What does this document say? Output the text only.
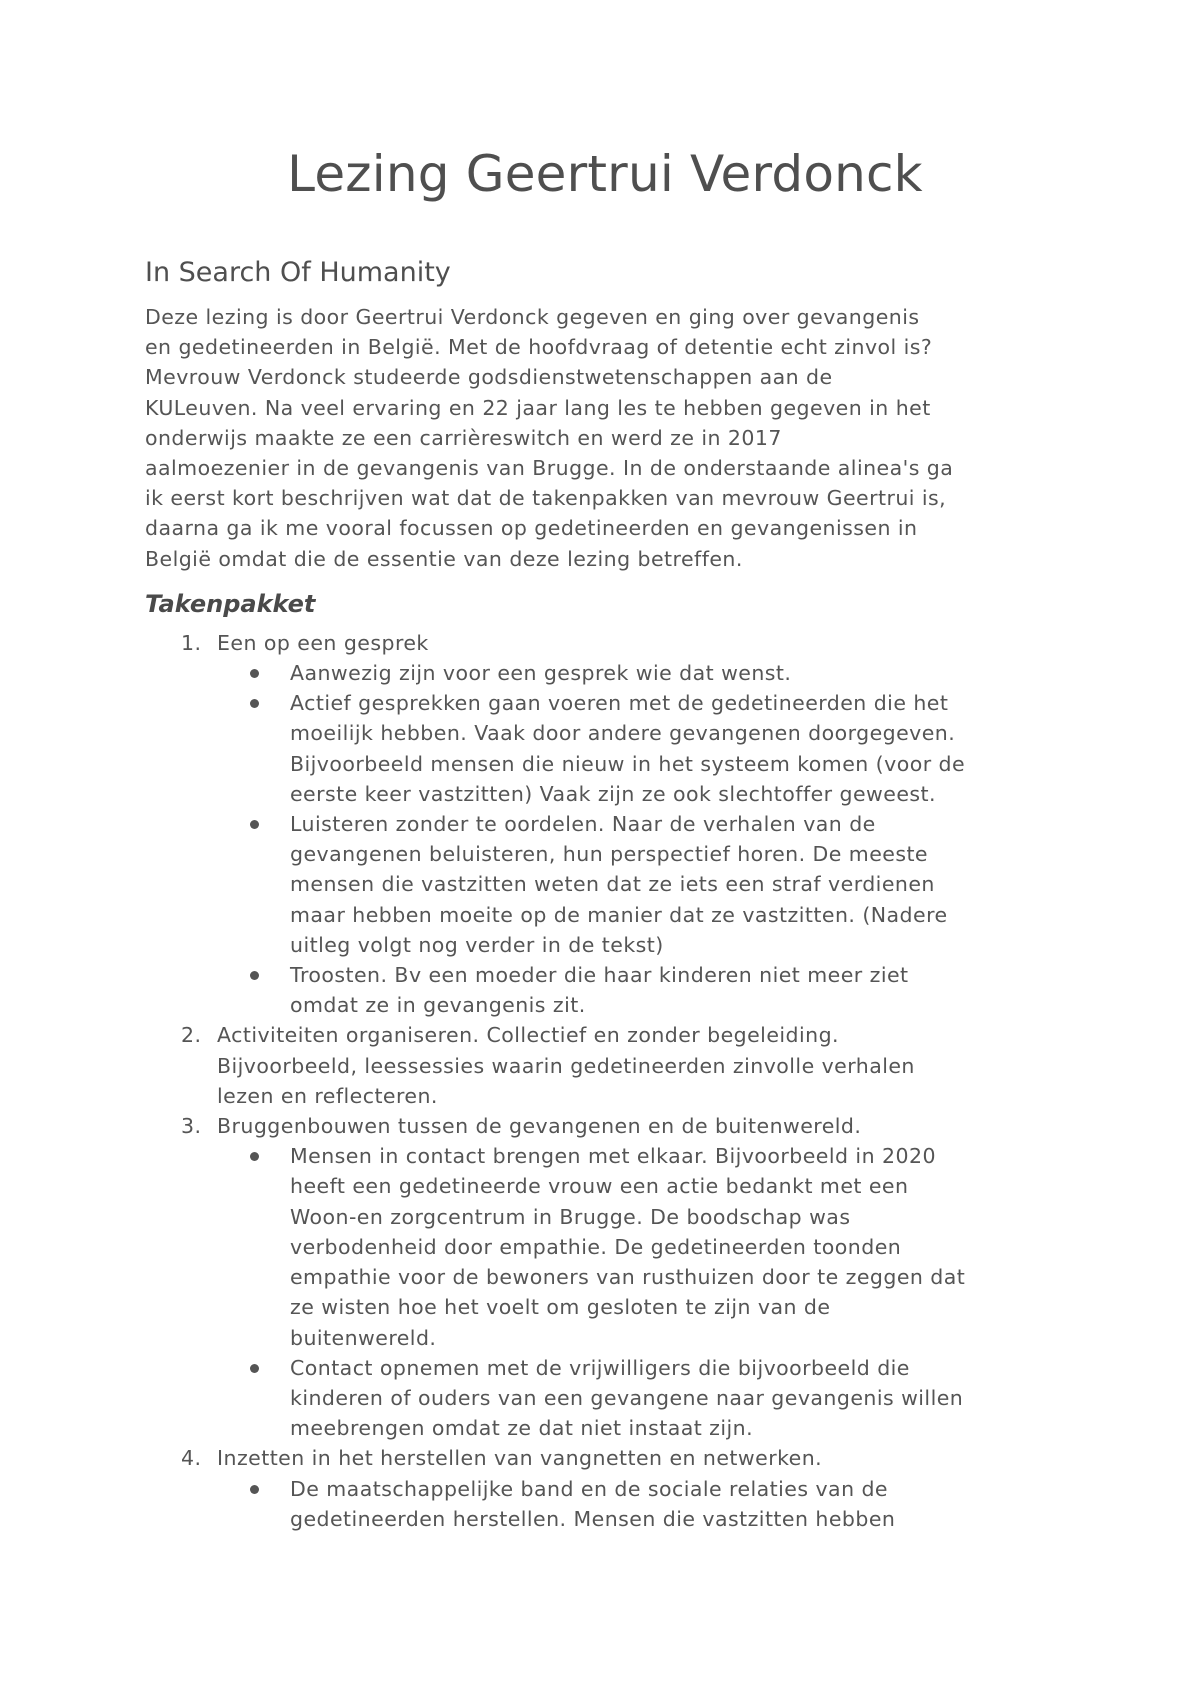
Lezing Geertrui Verdonck
In Search Of Humanity
Deze lezing is door Geertrui Verdonck gegeven en ging over gevangenis
en gedetineerden in België. Met de hoofdvraag of detentie echt zinvol is?
Mevrouw Verdonck studeerde godsdienstwetenschappen aan de
KULeuven. Na veel ervaring en 22 jaar lang les te hebben gegeven in het
onderwijs maakte ze een carrièreswitch en werd ze in 2017
aalmoezenier in de gevangenis van Brugge. In de onderstaande alinea's ga
ik eerst kort beschrijven wat dat de takenpakken van mevrouw Geertrui is,
daarna ga ik me vooral focussen op gedetineerden en gevangenissen in
België omdat die de essentie van deze lezing betreffen.
Takenpakket
1. Een op een gesprek
Aanwezig zijn voor een gesprek wie dat wenst.
Actief gesprekken gaan voeren met de gedetineerden die het
moeilijk hebben. Vaak door andere gevangenen doorgegeven.
Bijvoorbeeld mensen die nieuw in het systeem komen (voor de
eerste keer vastzitten) Vaak zijn ze ook slechtoffer geweest.
Luisteren zonder te oordelen. Naar de verhalen van de
gevangenen beluisteren, hun perspectief horen. De meeste
mensen die vastzitten weten dat ze iets een straf verdienen
maar hebben moeite op de manier dat ze vastzitten. (Nadere
uitleg volgt nog verder in de tekst)
Troosten. Bv een moeder die haar kinderen niet meer ziet
omdat ze in gevangenis zit.
2. Activiteiten organiseren. Collectief en zonder begeleiding.
Bijvoorbeeld, leessessies waarin gedetineerden zinvolle verhalen
lezen en reflecteren.
3. Bruggenbouwen tussen de gevangenen en de buitenwereld.
Mensen in contact brengen met elkaar. Bijvoorbeeld in 2020
heeft een gedetineerde vrouw een actie bedankt met een
Woon-en zorgcentrum in Brugge. De boodschap was
verbodenheid door empathie. De gedetineerden toonden
empathie voor de bewoners van rusthuizen door te zeggen dat
ze wisten hoe het voelt om gesloten te zijn van de
buitenwereld.
Contact opnemen met de vrijwilligers die bijvoorbeeld die
kinderen of ouders van een gevangene naar gevangenis willen
meebrengen omdat ze dat niet instaat zijn.
4. Inzetten in het herstellen van vangnetten en netwerken.
De maatschappelijke band en de sociale relaties van de
gedetineerden herstellen. Mensen die vastzitten hebben
